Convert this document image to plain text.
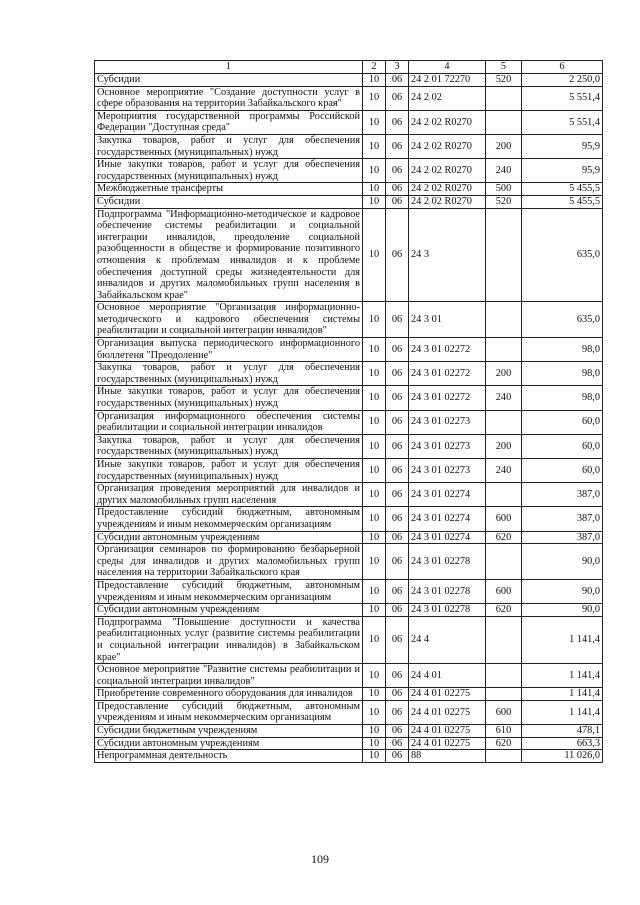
1	2	3	4	5	6
Субсидии	10	06	24 2 01 72270	520	2 250,0
Основное мероприятие "Создание доступности услуг в сфере образования на территории Забайкальского края"	10	06	24 2 02		5 551,4
Мероприятия государственной программы Российской Федерации "Доступная среда"	10	06	24 2 02 R0270		5 551,4
Закупка товаров, работ и услуг для обеспечения государственных (муниципальных) нужд	10	06	24 2 02 R0270	200	95,9
Иные закупки товаров, работ и услуг для обеспечения государственных (муниципальных) нужд	10	06	24 2 02 R0270	240	95,9
Межбюджетные трансферты	10	06	24 2 02 R0270	500	5 455,5
Субсидии	10	06	24 2 02 R0270	520	5 455,5
Подпрограмма "Информационно-методическое и кадровое обеспечение системы реабилитации и социальной интеграции инвалидов, преодоление социальной разобщенности в обществе и формирование позитивного отношения к проблемам инвалидов и к проблеме обеспечения доступной среды жизнедеятельности для инвалидов и других маломобильных групп населения в Забайкальском крае"	10	06	24 3		635,0
Основное мероприятие "Организация информационно-методического и кадрового обеспечения системы реабилитации и социальной интеграции инвалидов"	10	06	24 3 01		635,0
Организация выпуска периодического информационного бюллетеня "Преодоление"	10	06	24 3 01 02272		98,0
Закупка товаров, работ и услуг для обеспечения государственных (муниципальных) нужд	10	06	24 3 01 02272	200	98,0
Иные закупки товаров, работ и услуг для обеспечения государственных (муниципальных) нужд	10	06	24 3 01 02272	240	98,0
Организация информационного обеспечения системы реабилитации и социальной интеграции инвалидов	10	06	24 3 01 02273		60,0
Закупка товаров, работ и услуг для обеспечения государственных (муниципальных) нужд	10	06	24 3 01 02273	200	60,0
Иные закупки товаров, работ и услуг для обеспечения государственных (муниципальных) нужд	10	06	24 3 01 02273	240	60,0
Организация проведения мероприятий для инвалидов и других маломобильных групп населения	10	06	24 3 01 02274		387,0
Предоставление субсидий бюджетным, автономным учреждениям и иным некоммерческим организациям	10	06	24 3 01 02274	600	387,0
Субсидии автономным учреждениям	10	06	24 3 01 02274	620	387,0
Организация семинаров по формированию безбарьерной среды для инвалидов и других маломобильных групп населения на территории Забайкальского края	10	06	24 3 01 02278		90,0
Предоставление субсидий бюджетным, автономным учреждениям и иным некоммерческим организациям	10	06	24 3 01 02278	600	90,0
Субсидии автономным учреждениям	10	06	24 3 01 02278	620	90,0
Подпрограмма "Повышение доступности и качества реабилитационных услуг (развитие системы реабилитации и социальной интеграции инвалидов) в Забайкальском крае"	10	06	24 4		1 141,4
Основное мероприятие "Развитие системы реабилитации и социальной интеграции инвалидов"	10	06	24 4 01		1 141,4
Приобретение современного оборудования для инвалидов	10	06	24 4 01 02275		1 141,4
Предоставление субсидий бюджетным, автономным учреждениям и иным некоммерческим организациям	10	06	24 4 01 02275	600	1 141,4
Субсидии бюджетным учреждениям	10	06	24 4 01 02275	610	478,1
Субсидии автономным учреждениям	10	06	24 4 01 02275	620	663,3
Непрограммная деятельность	10	06	88		11 026,0
109
